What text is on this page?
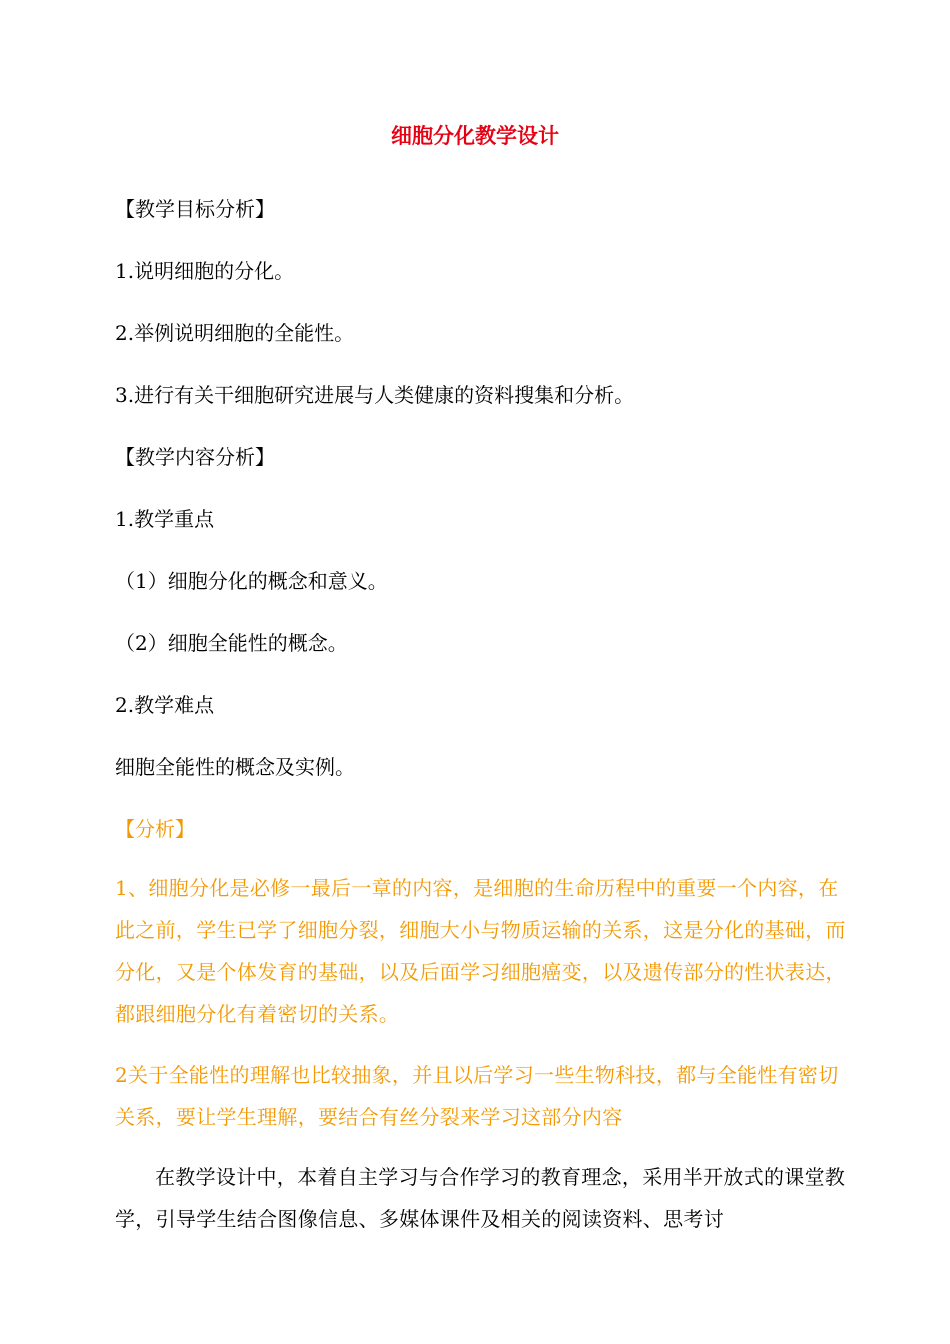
细胞分化教学设计
【教学目标分析】
1.说明细胞的分化。
2.举例说明细胞的全能性。
3.进行有关干细胞研究进展与人类健康的资料搜集和分析。
【教学内容分析】
1.教学重点
（1）细胞分化的概念和意义。
（2）细胞全能性的概念。
2.教学难点
细胞全能性的概念及实例。
【分析】
1、细胞分化是必修一最后一章的内容，是细胞的生命历程中的重要一个内容，在此之前，学生已学了细胞分裂，细胞大小与物质运输的关系，这是分化的基础，而分化，又是个体发育的基础，以及后面学习细胞癌变，以及遗传部分的性状表达，都跟细胞分化有着密切的关系。
2关于全能性的理解也比较抽象，并且以后学习一些生物科技，都与全能性有密切关系，要让学生理解，要结合有丝分裂来学习这部分内容
在教学设计中，本着自主学习与合作学习的教育理念，采用半开放式的课堂教学，引导学生结合图像信息、多媒体课件及相关的阅读资料、思考讨
